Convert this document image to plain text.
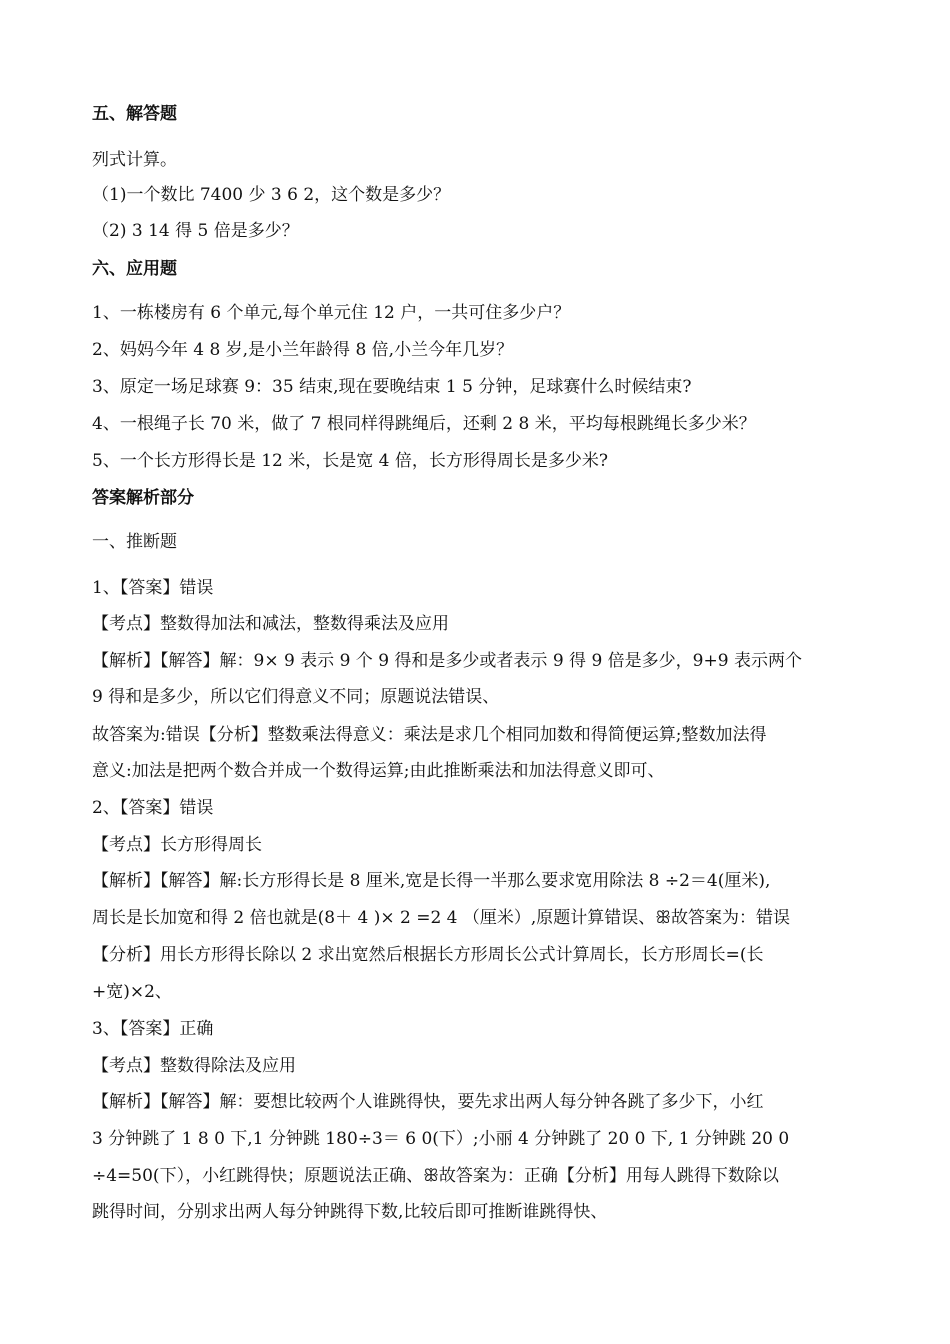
五、解答题
列式计算。
（1)一个数比 7400 少 3 6 2，这个数是多少？
（2) 3 14 得 5 倍是多少？
六、应用题
1、一栋楼房有 6 个单元,每个单元住 12 户，一共可住多少户？
2、妈妈今年 4 8 岁,是小兰年龄得 8 倍,小兰今年几岁？
3、原定一场足球赛 9：35 结束,现在要晚结束 1 5 分钟，足球赛什么时候结束?
4、一根绳子长 70 米，做了 7 根同样得跳绳后，还剩 2 8 米，平均每根跳绳长多少米？
5、一个长方形得长是 12 米，长是宽 4 倍，长方形得周长是多少米?
答案解析部分
一、推断题
1、【答案】错误
【考点】整数得加法和减法，整数得乘法及应用
【解析】【解答】解：9× 9 表示 9 个 9 得和是多少或者表示 9 得 9 倍是多少，9+9 表示两个
9 得和是多少，所以它们得意义不同；原题说法错误、
故答案为:错误【分析】整数乘法得意义：乘法是求几个相同加数和得简便运算;整数加法得
意义:加法是把两个数合并成一个数得运算;由此推断乘法和加法得意义即可、
2、【答案】错误
【考点】长方形得周长
【解析】【解答】解:长方形得长是 8 厘米,宽是长得一半那么要求宽用除法 8 ÷2＝4(厘米),
周长是长加宽和得 2 倍也就是(8＋ 4 )× 2 =2 4 （厘米）,原题计算错误、ꕥ故答案为：错误
【分析】用长方形得长除以 2 求出宽然后根据长方形周长公式计算周长，长方形周长=(长
+宽)×2、
3、【答案】正确
【考点】整数得除法及应用
【解析】【解答】解：要想比较两个人谁跳得快，要先求出两人每分钟各跳了多少下，小红
3 分钟跳了 1 8 0 下,1 分钟跳 180÷3＝ 6 0(下）;小丽 4 分钟跳了 20 0 下, 1 分钟跳 20 0
÷4=50(下），小红跳得快；原题说法正确、ꕥ故答案为：正确【分析】用每人跳得下数除以
跳得时间，分别求出两人每分钟跳得下数,比较后即可推断谁跳得快、
